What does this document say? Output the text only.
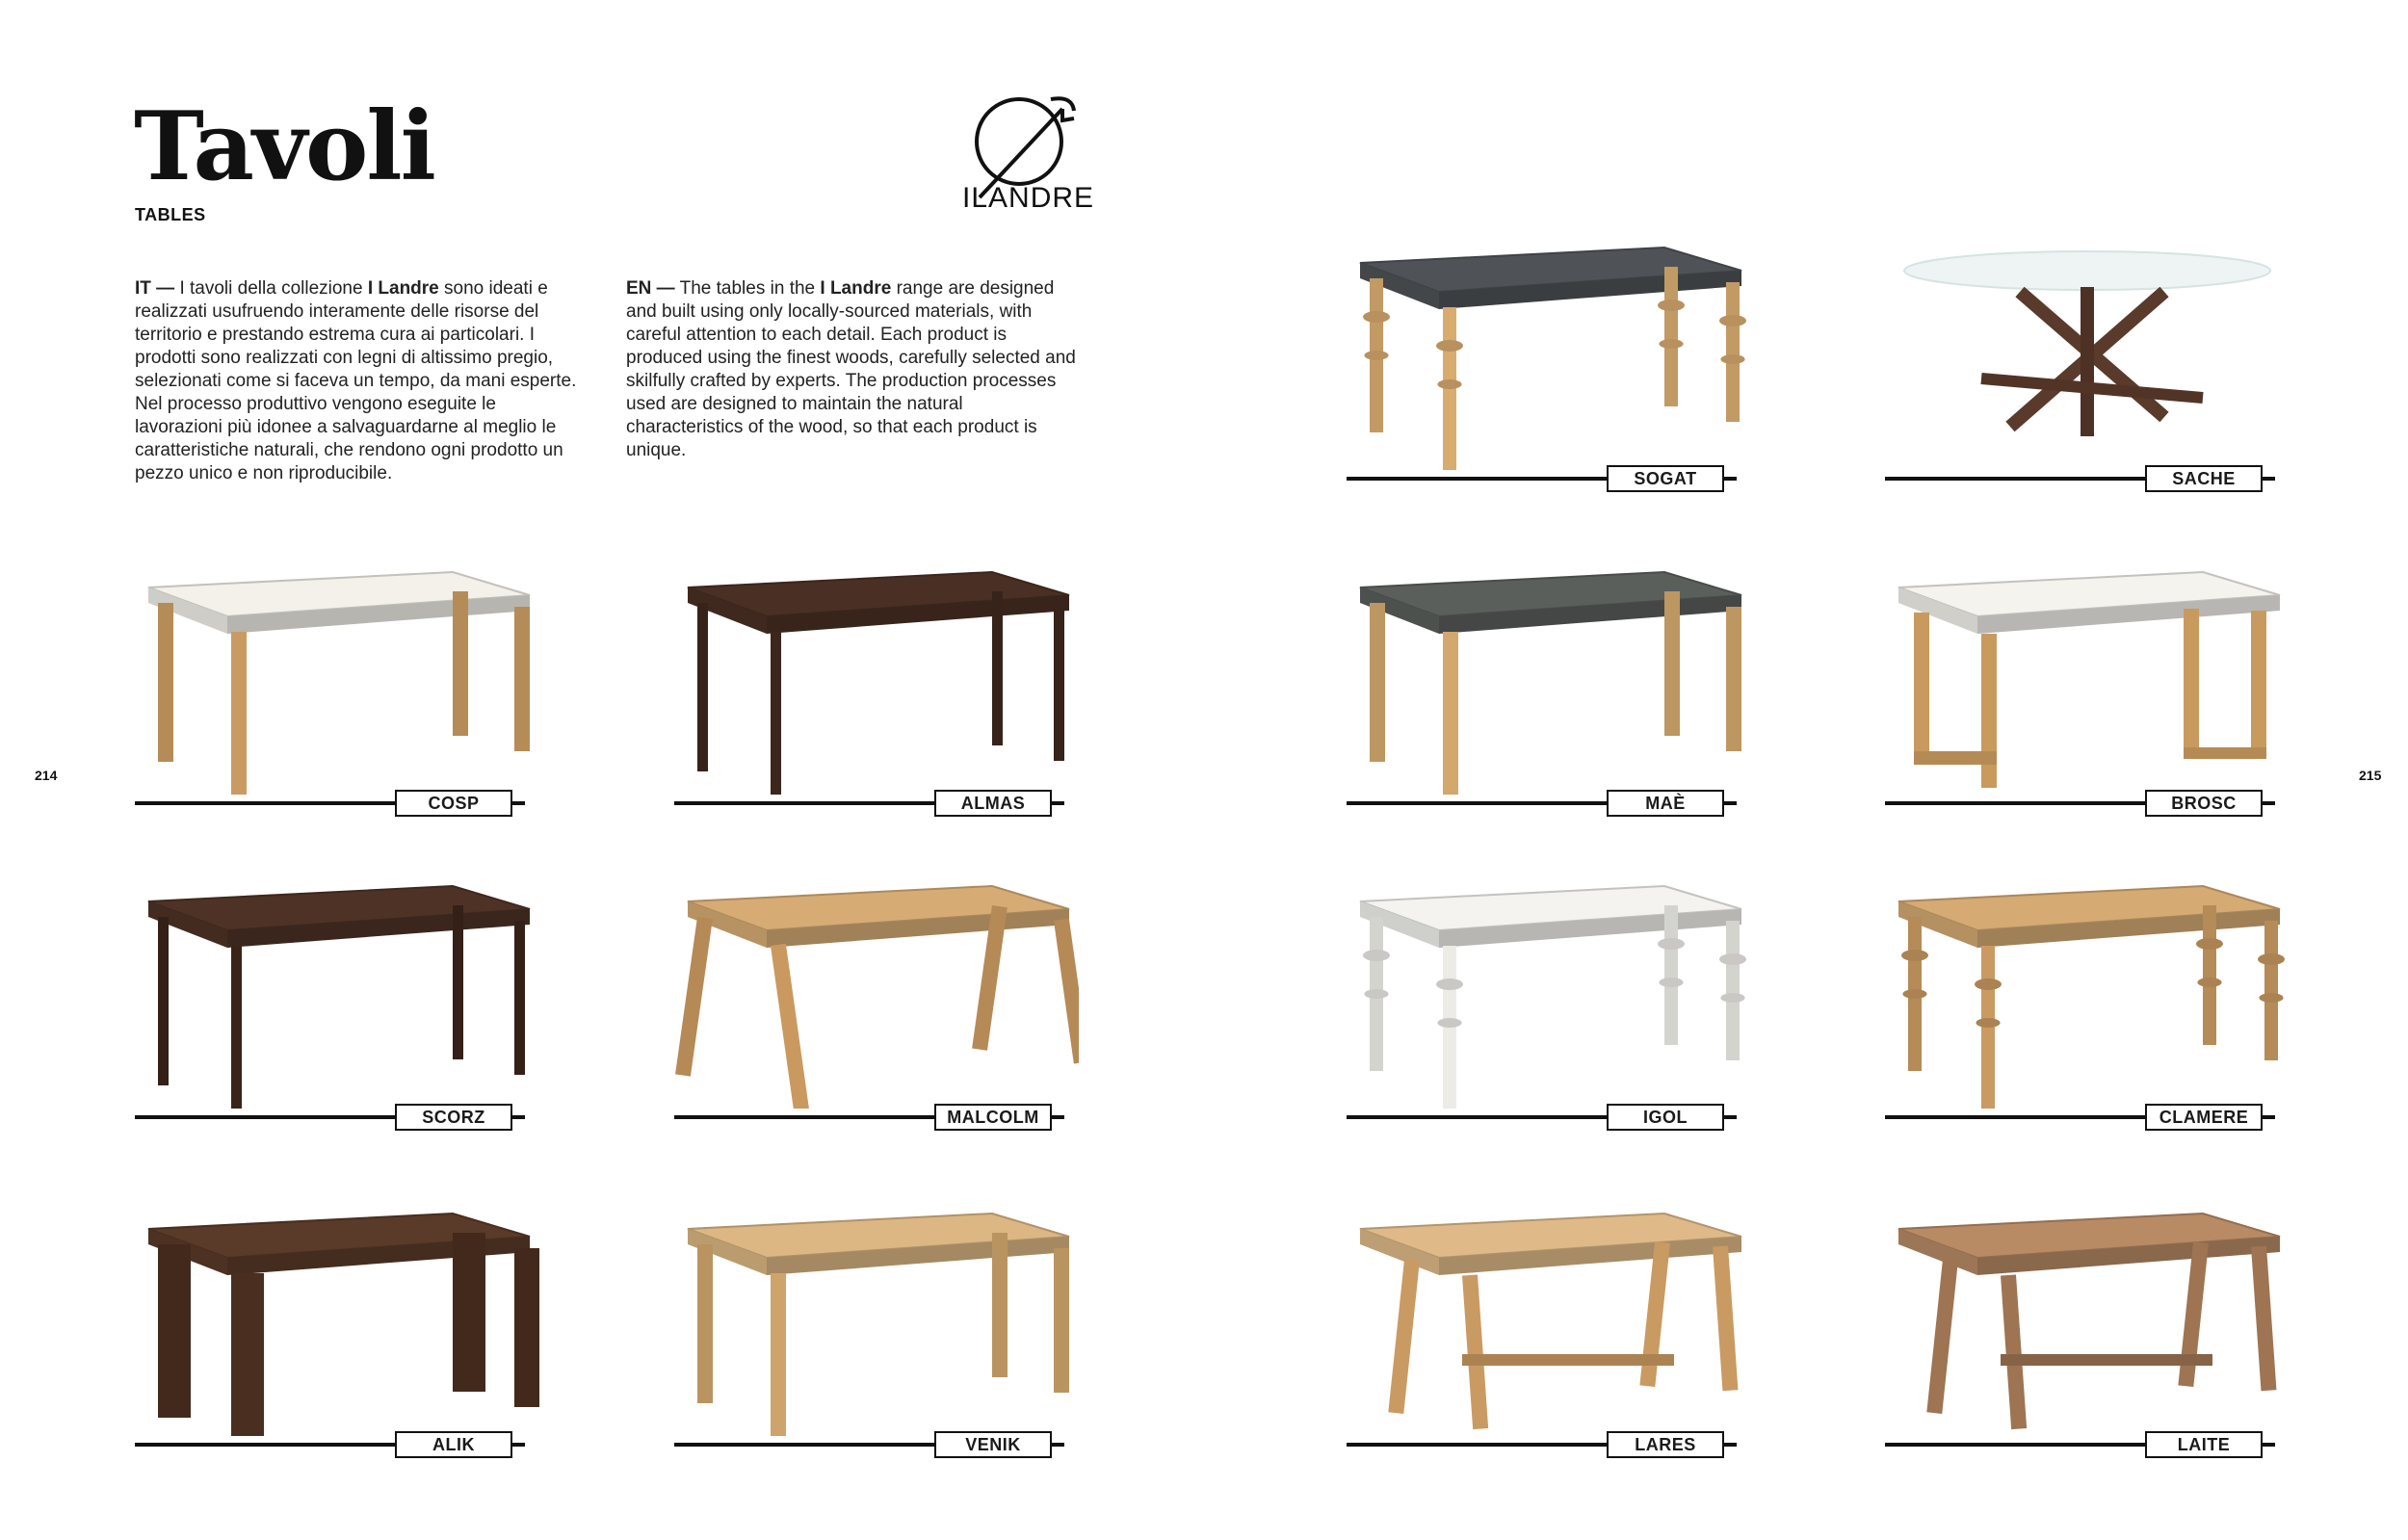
Tavoli
TABLES
ILANDRE
IT — I tavoli della collezione I Landre sono ideati e realizzati usufruendo interamente delle risorse del territorio e prestando estrema cura ai particolari. I prodotti sono realizzati con legni di altissimo pregio, selezionati come si faceva un tempo, da mani esperte. Nel processo produttivo vengono eseguite le lavorazioni più idonee a salvaguardarne al meglio le caratteristiche naturali, che rendono ogni prodotto un pezzo unico e non riproducibile.
EN — The tables in the I Landre range are designed and built using only locally-sourced materials, with careful attention to each detail. Each product is produced using the finest woods, carefully selected and skilfully crafted by experts. The production processes used are designed to maintain the natural characteristics of the wood, so that each product is unique.
214	215
COSP	ALMAS
SCORZ	MALCOLM
ALIK	VENIK
SOGAT	SACHE
MAÈ	BROSC
IGOL	CLAMERE
LARES	LAITE
